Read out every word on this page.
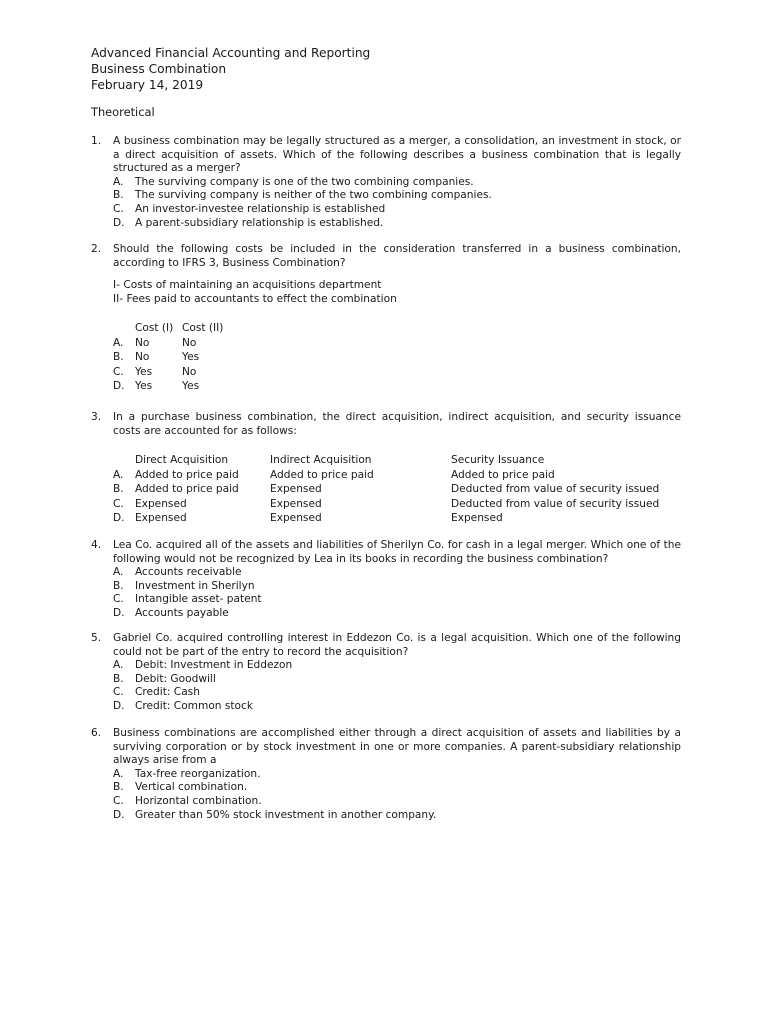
Advanced Financial Accounting and Reporting
Business Combination
February 14, 2019
Theoretical
1. A business combination may be legally structured as a merger, a consolidation, an investment in stock, or a direct acquisition of assets. Which of the following describes a business combination that is legally structured as a merger?
A. The surviving company is one of the two combining companies.
B. The surviving company is neither of the two combining companies.
C. An investor-investee relationship is established
D. A parent-subsidiary relationship is established.
2. Should the following costs be included in the consideration transferred in a business combination, according to IFRS 3, Business Combination?
I- Costs of maintaining an acquisitions department
II- Fees paid to accountants to effect the combination
Cost (I) Cost (II)
A. No	No
B. No	Yes
C. Yes	No
D. Yes	Yes
3. In a purchase business combination, the direct acquisition, indirect acquisition, and security issuance costs are accounted for as follows:
Direct Acquisition	Indirect Acquisition	Security Issuance
A. Added to price paid	Added to price paid	Added to price paid
B. Added to price paid	Expensed	Deducted from value of security issued
C. Expensed	Expensed	Deducted from value of security issued
D. Expensed	Expensed	Expensed
4. Lea Co. acquired all of the assets and liabilities of Sherilyn Co. for cash in a legal merger. Which one of the following would not be recognized by Lea in its books in recording the business combination?
A. Accounts receivable
B. Investment in Sherilyn
C. Intangible asset- patent
D. Accounts payable
5. Gabriel Co. acquired controlling interest in Eddezon Co. is a legal acquisition. Which one of the following could not be part of the entry to record the acquisition?
A. Debit: Investment in Eddezon
B. Debit: Goodwill
C. Credit: Cash
D. Credit: Common stock
6. Business combinations are accomplished either through a direct acquisition of assets and liabilities by a surviving corporation or by stock investment in one or more companies. A parent-subsidiary relationship always arise from a
A. Tax-free reorganization.
B. Vertical combination.
C. Horizontal combination.
D. Greater than 50% stock investment in another company.
